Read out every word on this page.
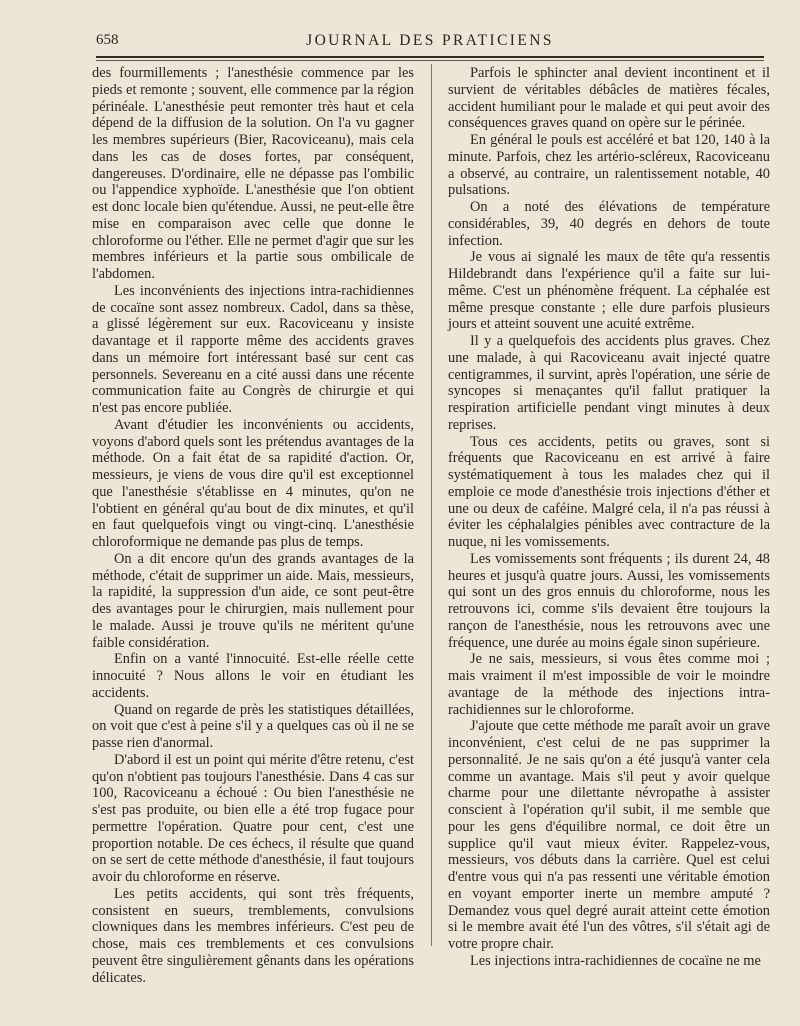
658	JOURNAL DES PRATICIENS

des fourmillements ; l'anesthésie commence par les pieds et remonte ; souvent, elle commence par la région périnéale. L'anesthésie peut remonter très haut et cela dépend de la diffusion de la solution. On l'a vu gagner les membres supérieurs (Bier, Racoviceanu), mais cela dans les cas de doses fortes, par conséquent, dangereuses. D'ordinaire, elle ne dépasse pas l'ombilic ou l'appendice xyphoïde. L'anesthésie que l'on obtient est donc locale bien qu'étendue. Aussi, ne peut-elle être mise en comparaison avec celle que donne le chloroforme ou l'éther. Elle ne permet d'agir que sur les membres inférieurs et la partie sous ombilicale de l'abdomen.

Les inconvénients des injections intra-rachidiennes de cocaïne sont assez nombreux. Cadol, dans sa thèse, a glissé légèrement sur eux. Racoviceanu y insiste davantage et il rapporte même des accidents graves dans un mémoire fort intéressant basé sur cent cas personnels. Severeanu en a cité aussi dans une récente communication faite au Congrès de chirurgie et qui n'est pas encore publiée.

Avant d'étudier les inconvénients ou accidents, voyons d'abord quels sont les prétendus avantages de la méthode. On a fait état de sa rapidité d'action. Or, messieurs, je viens de vous dire qu'il est exceptionnel que l'anesthésie s'établisse en 4 minutes, qu'on ne l'obtient en général qu'au bout de dix minutes, et qu'il en faut quelquefois vingt ou vingt-cinq. L'anesthésie chloroformique ne demande pas plus de temps.

On a dit encore qu'un des grands avantages de la méthode, c'était de supprimer un aide. Mais, messieurs, la rapidité, la suppression d'un aide, ce sont peut-être des avantages pour le chirurgien, mais nullement pour le malade. Aussi je trouve qu'ils ne méritent qu'une faible considération.

Enfin on a vanté l'innocuité. Est-elle réelle cette innocuité ? Nous allons le voir en étudiant les accidents.

Quand on regarde de près les statistiques détaillées, on voit que c'est à peine s'il y a quelques cas où il ne se passe rien d'anormal.

D'abord il est un point qui mérite d'être retenu, c'est qu'on n'obtient pas toujours l'anesthésie. Dans 4 cas sur 100, Racoviceanu a échoué : Ou bien l'anesthésie ne s'est pas produite, ou bien elle a été trop fugace pour permettre l'opération. Quatre pour cent, c'est une proportion notable. De ces échecs, il résulte que quand on se sert de cette méthode d'anesthésie, il faut toujours avoir du chloroforme en réserve.

Les petits accidents, qui sont très fréquents, consistent en sueurs, tremblements, convulsions clowniques dans les membres inférieurs. C'est peu de chose, mais ces tremblements et ces convulsions peuvent être singulièrement gênants dans les opérations délicates.

Parfois le sphincter anal devient incontinent et il survient de véritables débâcles de matières fécales, accident humiliant pour le malade et qui peut avoir des conséquences graves quand on opère sur le périnée.

En général le pouls est accéléré et bat 120, 140 à la minute. Parfois, chez les artério-scléreux, Racoviceanu a observé, au contraire, un ralentissement notable, 40 pulsations.

On a noté des élévations de température considérables, 39, 40 degrés en dehors de toute infection.

Je vous ai signalé les maux de tête qu'a ressentis Hildebrandt dans l'expérience qu'il a faite sur lui-même. C'est un phénomène fréquent. La céphalée est même presque constante ; elle dure parfois plusieurs jours et atteint souvent une acuité extrême.

Il y a quelquefois des accidents plus graves. Chez une malade, à qui Racoviceanu avait injecté quatre centigrammes, il survint, après l'opération, une série de syncopes si menaçantes qu'il fallut pratiquer la respiration artificielle pendant vingt minutes à deux reprises.

Tous ces accidents, petits ou graves, sont si fréquents que Racoviceanu en est arrivé à faire systématiquement à tous les malades chez qui il emploie ce mode d'anesthésie trois injections d'éther et une ou deux de caféine. Malgré cela, il n'a pas réussi à éviter les céphalalgies pénibles avec contracture de la nuque, ni les vomissements.

Les vomissements sont fréquents ; ils durent 24, 48 heures et jusqu'à quatre jours. Aussi, les vomissements qui sont un des gros ennuis du chloroforme, nous les retrouvons ici, comme s'ils devaient être toujours la rançon de l'anesthésie, nous les retrouvons avec une fréquence, une durée au moins égale sinon supérieure.

Je ne sais, messieurs, si vous êtes comme moi ; mais vraiment il m'est impossible de voir le moindre avantage de la méthode des injections intra-rachidiennes sur le chloroforme.

J'ajoute que cette méthode me paraît avoir un grave inconvénient, c'est celui de ne pas supprimer la personnalité. Je ne sais qu'on a été jusqu'à vanter cela comme un avantage. Mais s'il peut y avoir quelque charme pour une dilettante névropathe à assister conscient à l'opération qu'il subit, il me semble que pour les gens d'équilibre normal, ce doit être un supplice qu'il vaut mieux éviter. Rappelez-vous, messieurs, vos débuts dans la carrière. Quel est celui d'entre vous qui n'a pas ressenti une véritable émotion en voyant emporter inerte un membre amputé ? Demandez vous quel degré aurait atteint cette émotion si le membre avait été l'un des vôtres, s'il s'était agi de votre propre chair.

Les injections intra-rachidiennes de cocaïne ne me
